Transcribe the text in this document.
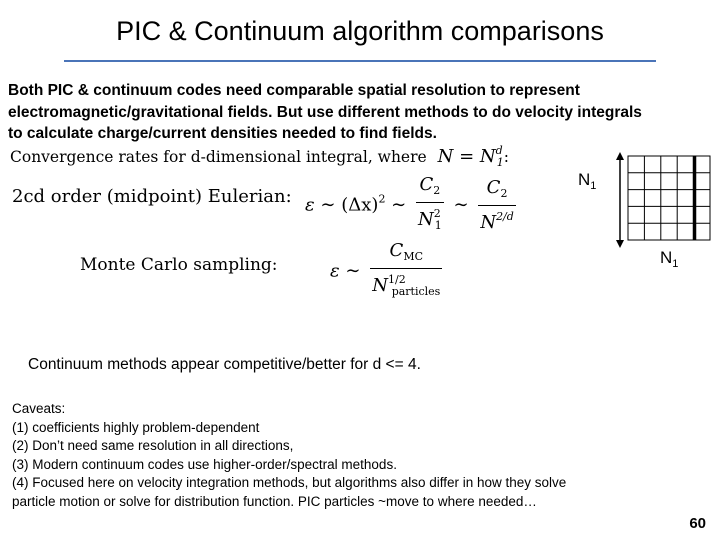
PIC & Continuum algorithm comparisons
Both PIC & continuum codes need comparable spatial resolution to represent
electromagnetic/gravitational fields. But use different methods to do velocity integrals
to calculate charge/current densities needed to find fields.
Convergence rates for d-dimensional integral, where $N = N^d_1$:
2cd order (midpoint) Eulerian: ε ∼ $(\Delta x)^2$ ∼ $\frac{C_2}{N^2_1}$ ∼ $\frac{C_2}{N^{2/d}}$
Monte Carlo sampling:	ε ∼ $\frac{C_{MC}}{N^{1/2}_{particles}}$
$N_1$
$N_1$
Continuum methods appear competitive/better for d <= 4.
Caveats:
(1) coefficients highly problem-dependent
(2) Don’t need same resolution in all directions,
(3) Modern continuum codes use higher-order/spectral methods.
(4) Focused here on velocity integration methods, but algorithms also differ in how they solve
particle motion or solve for distribution function. PIC particles ~move to where needed…
60
